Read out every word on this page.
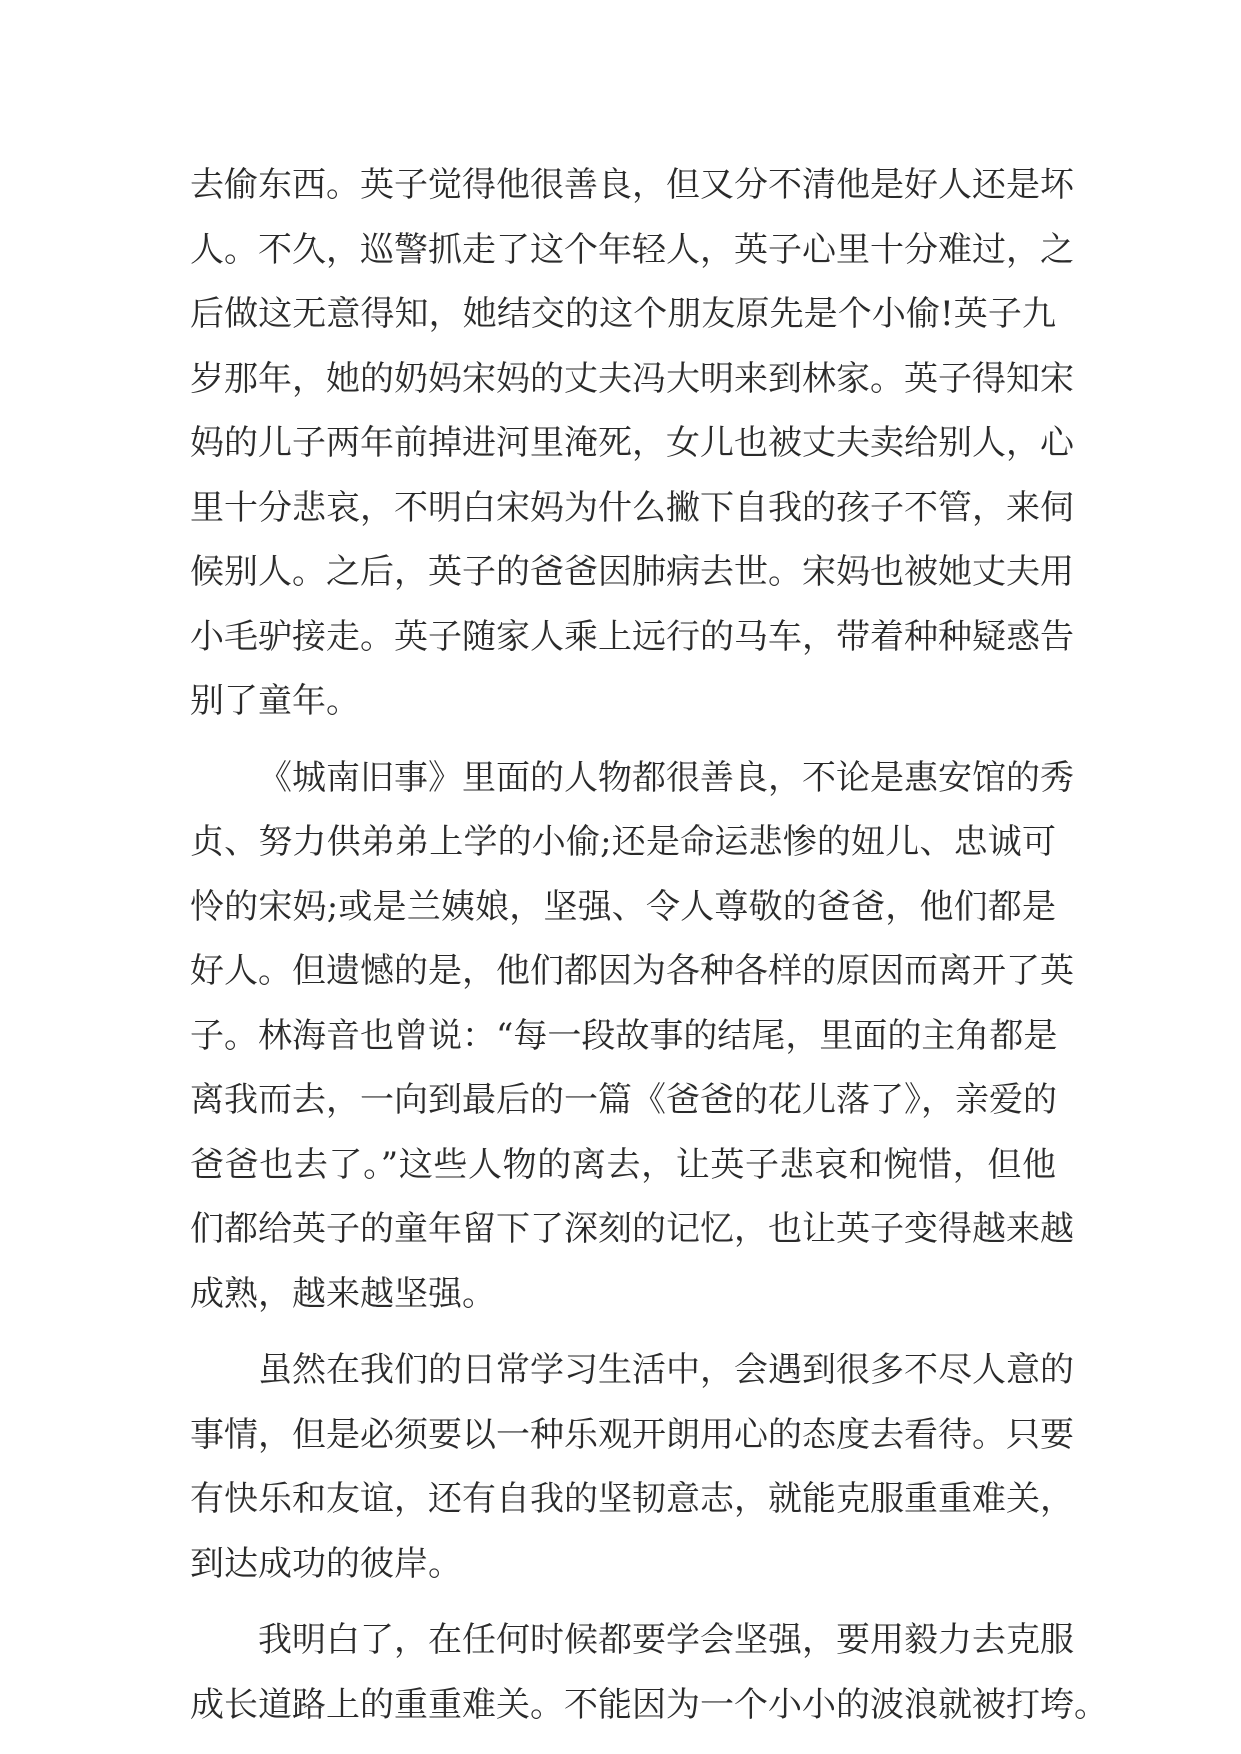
去偷东西。英子觉得他很善良，但又分不清他是好人还是坏
人。不久，巡警抓走了这个年轻人，英子心里十分难过，之
后做这无意得知，她结交的这个朋友原先是个小偷!英子九
岁那年，她的奶妈宋妈的丈夫冯大明来到林家。英子得知宋
妈的儿子两年前掉进河里淹死，女儿也被丈夫卖给别人，心
里十分悲哀，不明白宋妈为什么撇下自我的孩子不管，来伺
候别人。之后，英子的爸爸因肺病去世。宋妈也被她丈夫用
小毛驴接走。英子随家人乘上远行的马车，带着种种疑惑告
别了童年。
《城南旧事》里面的人物都很善良，不论是惠安馆的秀
贞、努力供弟弟上学的小偷;还是命运悲惨的妞儿、忠诚可
怜的宋妈;或是兰姨娘，坚强、令人尊敬的爸爸，他们都是
好人。但遗憾的是，他们都因为各种各样的原因而离开了英
子。林海音也曾说：“每一段故事的结尾，里面的主角都是
离我而去，一向到最后的一篇《爸爸的花儿落了》，亲爱的
爸爸也去了。”这些人物的离去，让英子悲哀和惋惜，但他
们都给英子的童年留下了深刻的记忆，也让英子变得越来越
成熟，越来越坚强。
虽然在我们的日常学习生活中，会遇到很多不尽人意的
事情，但是必须要以一种乐观开朗用心的态度去看待。只要
有快乐和友谊，还有自我的坚韧意志，就能克服重重难关，
到达成功的彼岸。
我明白了，在任何时候都要学会坚强，要用毅力去克服
成长道路上的重重难关。不能因为一个小小的波浪就被打垮。
